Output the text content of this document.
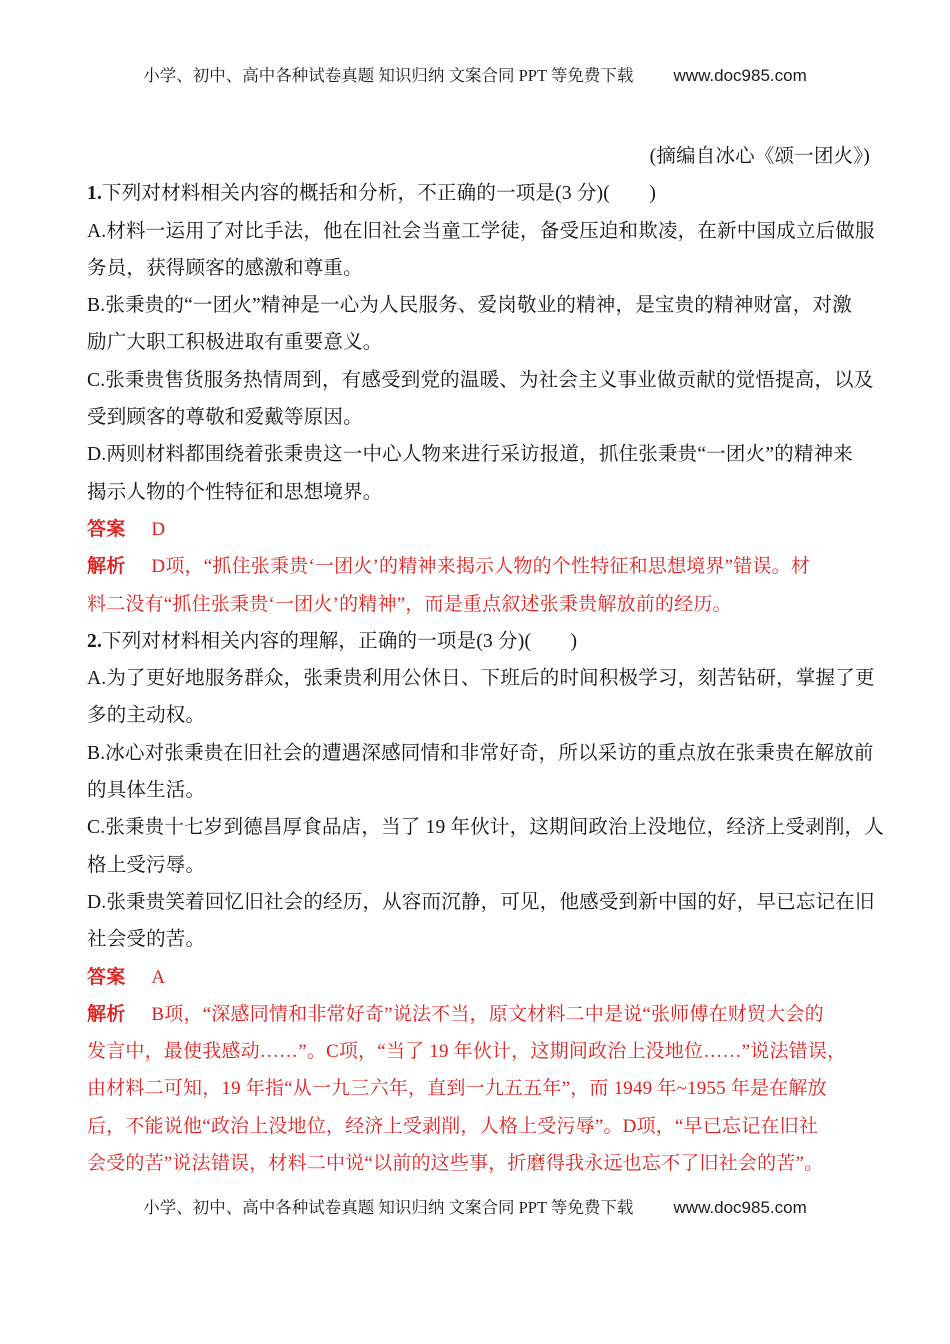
小学、初中、高中各种试卷真题 知识归纳 文案合同 PPT 等免费下载 www.doc985.com
(摘编自冰心《颂一团火》)
1.下列对材料相关内容的概括和分析，不正确的一项是(3 分)(　　)
A.材料一运用了对比手法，他在旧社会当童工学徒，备受压迫和欺凌，在新中国成立后做服
务员，获得顾客的感激和尊重。
B.张秉贵的“一团火”精神是一心为人民服务、爱岗敬业的精神，是宝贵的精神财富，对激
励广大职工积极进取有重要意义。
C.张秉贵售货服务热情周到，有感受到党的温暖、为社会主义事业做贡献的觉悟提高，以及
受到顾客的尊敬和爱戴等原因。
D.两则材料都围绕着张秉贵这一中心人物来进行采访报道，抓住张秉贵“一团火”的精神来
揭示人物的个性特征和思想境界。
答案 D
解析 D项，“抓住张秉贵‘一团火’的精神来揭示人物的个性特征和思想境界”错误。材
料二没有“抓住张秉贵‘一团火’的精神”，而是重点叙述张秉贵解放前的经历。
2.下列对材料相关内容的理解，正确的一项是(3 分)(　　)
A.为了更好地服务群众，张秉贵利用公休日、下班后的时间积极学习，刻苦钻研，掌握了更
多的主动权。
B.冰心对张秉贵在旧社会的遭遇深感同情和非常好奇，所以采访的重点放在张秉贵在解放前
的具体生活。
C.张秉贵十七岁到德昌厚食品店，当了 19 年伙计，这期间政治上没地位，经济上受剥削，人
格上受污辱。
D.张秉贵笑着回忆旧社会的经历，从容而沉静，可见，他感受到新中国的好，早已忘记在旧
社会受的苦。
答案 A
解析 B项，“深感同情和非常好奇”说法不当，原文材料二中是说“张师傅在财贸大会的
发言中，最使我感动……”。C项，“当了 19 年伙计，这期间政治上没地位……”说法错误，
由材料二可知，19 年指“从一九三六年，直到一九五五年”，而 1949 年~1955 年是在解放
后，不能说他“政治上没地位，经济上受剥削，人格上受污辱”。D项，“早已忘记在旧社
会受的苦”说法错误，材料二中说“以前的这些事，折磨得我永远也忘不了旧社会的苦”。
小学、初中、高中各种试卷真题 知识归纳 文案合同 PPT 等免费下载 www.doc985.com
